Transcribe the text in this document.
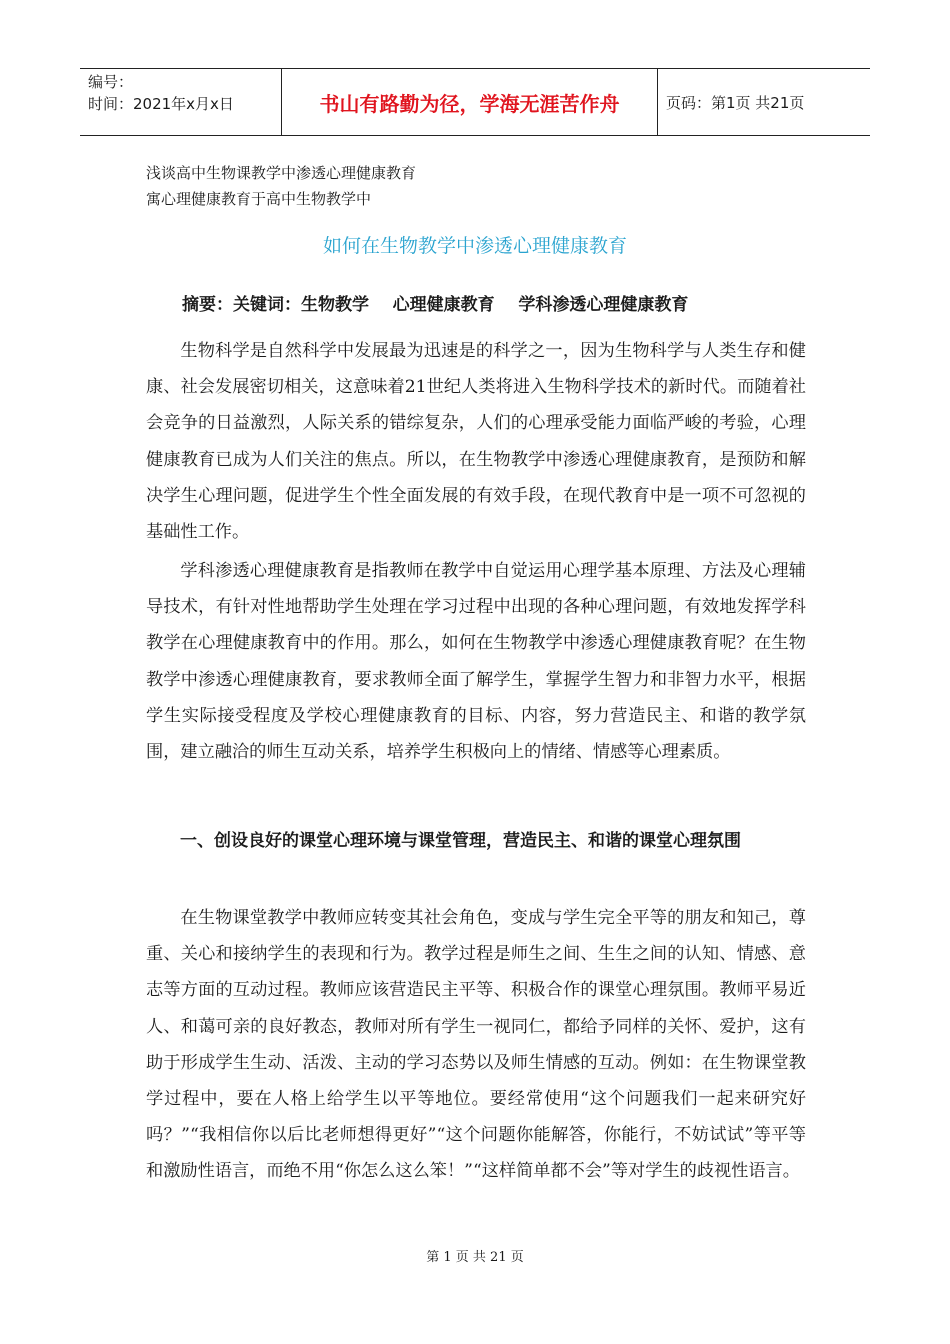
编号：
时间：2021年x月x日	书山有路勤为径，学海无涯苦作舟	页码：第1页 共21页
浅谈高中生物课教学中渗透心理健康教育
寓心理健康教育于高中生物教学中
如何在生物教学中渗透心理健康教育
摘要：关键词：生物教学    心理健康教育    学科渗透心理健康教育

生物科学是自然科学中发展最为迅速是的科学之一，因为生物科学与人类生存和健康、社会发展密切相关，这意味着21世纪人类将进入生物科学技术的新时代。而随着社会竞争的日益激烈，人际关系的错综复杂，人们的心理承受能力面临严峻的考验，心理健康教育已成为人们关注的焦点。所以，在生物教学中渗透心理健康教育，是预防和解决学生心理问题，促进学生个性全面发展的有效手段，在现代教育中是一项不可忽视的基础性工作。

学科渗透心理健康教育是指教师在教学中自觉运用心理学基本原理、方法及心理辅导技术，有针对性地帮助学生处理在学习过程中出现的各种心理问题，有效地发挥学科教学在心理健康教育中的作用。那么，如何在生物教学中渗透心理健康教育呢？在生物教学中渗透心理健康教育，要求教师全面了解学生，掌握学生智力和非智力水平，根据学生实际接受程度及学校心理健康教育的目标、内容，努力营造民主、和谐的教学氛围，建立融洽的师生互动关系，培养学生积极向上的情绪、情感等心理素质。

一、创设良好的课堂心理环境与课堂管理，营造民主、和谐的课堂心理氛围

在生物课堂教学中教师应转变其社会角色，变成与学生完全平等的朋友和知己，尊重、关心和接纳学生的表现和行为。教学过程是师生之间、生生之间的认知、情感、意志等方面的互动过程。教师应该营造民主平等、积极合作的课堂心理氛围。教师平易近人、和蔼可亲的良好教态，教师对所有学生一视同仁，都给予同样的关怀、爱护，这有助于形成学生生动、活泼、主动的学习态势以及师生情感的互动。例如：在生物课堂教学过程中，要在人格上给学生以平等地位。要经常使用“这个问题我们一起来研究好吗？”“我相信你以后比老师想得更好”“这个问题你能解答，你能行，不妨试试”等平等和激励性语言，而绝不用“你怎么这么笨！”“这样简单都不会”等对学生的歧视性语言。

第 1 页 共 21 页
